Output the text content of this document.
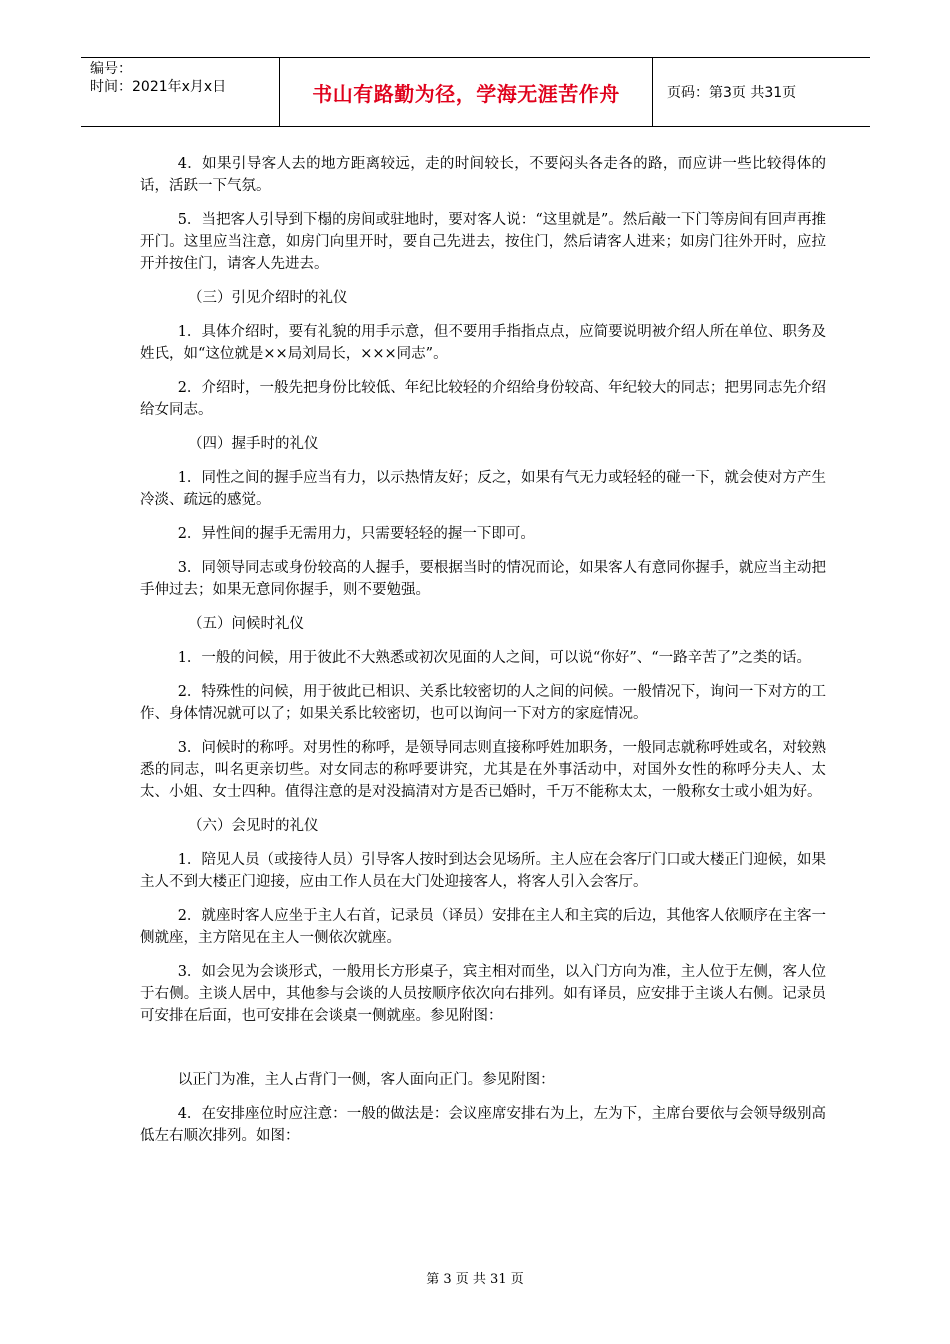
编号：
时间：2021年x月x日	书山有路勤为径，学海无涯苦作舟	页码：第3页 共31页

4．如果引导客人去的地方距离较远，走的时间较长，不要闷头各走各的路，而应讲一些比较得体的话，活跃一下气氛。

5．当把客人引导到下榻的房间或驻地时，要对客人说：“这里就是”。然后敲一下门等房间有回声再推开门。这里应当注意，如房门向里开时，要自己先进去，按住门，然后请客人进来；如房门往外开时，应拉开并按住门，请客人先进去。

（三）引见介绍时的礼仪

1．具体介绍时，要有礼貌的用手示意，但不要用手指指点点，应简要说明被介绍人所在单位、职务及姓氏，如“这位就是××局刘局长，×××同志”。

2．介绍时，一般先把身份比较低、年纪比较轻的介绍给身份较高、年纪较大的同志；把男同志先介绍给女同志。

（四）握手时的礼仪

1．同性之间的握手应当有力，以示热情友好；反之，如果有气无力或轻轻的碰一下，就会使对方产生冷淡、疏远的感觉。

2．异性间的握手无需用力，只需要轻轻的握一下即可。

3．同领导同志或身份较高的人握手，要根据当时的情况而论，如果客人有意同你握手，就应当主动把手伸过去；如果无意同你握手，则不要勉强。

（五）问候时礼仪

1．一般的问候，用于彼此不大熟悉或初次见面的人之间，可以说“你好”、“一路辛苦了”之类的话。

2．特殊性的问候，用于彼此已相识、关系比较密切的人之间的问候。一般情况下，询问一下对方的工作、身体情况就可以了；如果关系比较密切，也可以询问一下对方的家庭情况。

3．问候时的称呼。对男性的称呼，是领导同志则直接称呼姓加职务，一般同志就称呼姓或名，对较熟悉的同志，叫名更亲切些。对女同志的称呼要讲究，尤其是在外事活动中，对国外女性的称呼分夫人、太太、小姐、女士四种。值得注意的是对没搞清对方是否已婚时，千万不能称太太，一般称女士或小姐为好。

（六）会见时的礼仪

1．陪见人员（或接待人员）引导客人按时到达会见场所。主人应在会客厅门口或大楼正门迎候，如果主人不到大楼正门迎接，应由工作人员在大门处迎接客人，将客人引入会客厅。

2．就座时客人应坐于主人右首，记录员（译员）安排在主人和主宾的后边，其他客人依顺序在主客一侧就座，主方陪见在主人一侧依次就座。

3．如会见为会谈形式，一般用长方形桌子，宾主相对而坐，以入门方向为准，主人位于左侧，客人位于右侧。主谈人居中，其他参与会谈的人员按顺序依次向右排列。如有译员，应安排于主谈人右侧。记录员可安排在后面，也可安排在会谈桌一侧就座。参见附图：

以正门为准，主人占背门一侧，客人面向正门。参见附图：

4．在安排座位时应注意：一般的做法是：会议座席安排右为上，左为下，主席台要依与会领导级别高低左右顺次排列。如图：

第 3 页 共 31 页
